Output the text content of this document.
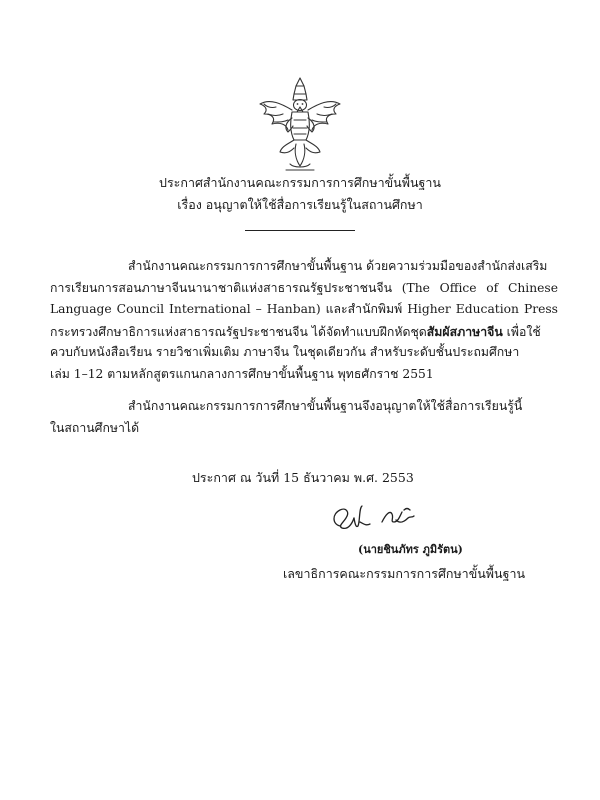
ประกาศสำนักงานคณะกรรมการการศึกษาขั้นพื้นฐาน
เรื่อง อนุญาตให้ใช้สื่อการเรียนรู้ในสถานศึกษา
สำนักงานคณะกรรมการการศึกษาขั้นพื้นฐาน ด้วยความร่วมมือของสำนักส่งเสริม
การเรียนการสอนภาษาจีนนานาชาติแห่งสาธารณรัฐประชาชนจีน (The Office of Chinese
Language Council International – Hanban) และสำนักพิมพ์ Higher Education Press
กระทรวงศึกษาธิการแห่งสาธารณรัฐประชาชนจีน ได้จัดทำแบบฝึกหัดชุดสัมผัสภาษาจีน เพื่อใช้
ควบกับหนังสือเรียน รายวิชาเพิ่มเติม ภาษาจีน ในชุดเดียวกัน สำหรับระดับชั้นประถมศึกษา
เล่ม 1–12 ตามหลักสูตรแกนกลางการศึกษาขั้นพื้นฐาน พุทธศักราช 2551
สำนักงานคณะกรรมการการศึกษาขั้นพื้นฐานจึงอนุญาตให้ใช้สื่อการเรียนรู้นี้
ในสถานศึกษาได้
ประกาศ ณ วันที่ 15 ธันวาคม พ.ศ. 2553
(นายชินภัทร ภูมิรัตน)
เลขาธิการคณะกรรมการการศึกษาขั้นพื้นฐาน
